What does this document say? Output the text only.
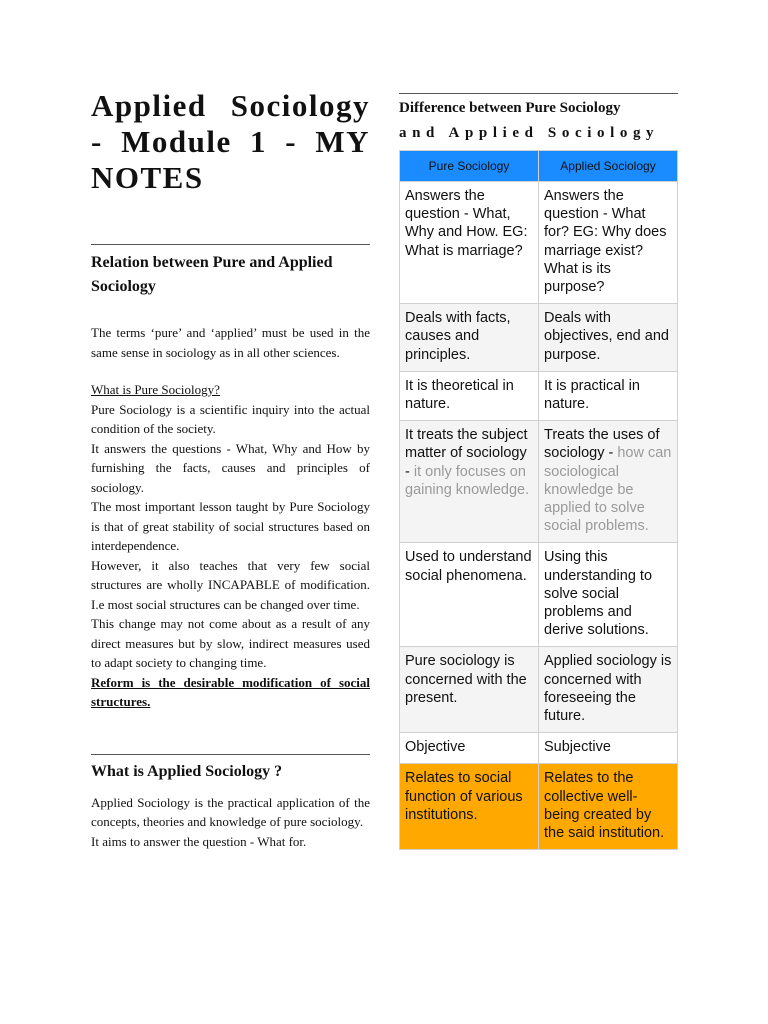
Applied Sociology - Module 1 - MY NOTES
Relation between Pure and Applied Sociology

The terms ‘pure’ and ‘applied’ must be used in the same sense in sociology as in all other sciences.

What is Pure Sociology?

Pure Sociology is a scientific inquiry into the actual condition of the society.

It answers the questions - What, Why and How by furnishing the facts, causes and principles of sociology.

The most important lesson taught by Pure Sociology is that of great stability of social structures based on interdependence.

However, it also teaches that very few social structures are wholly INCAPABLE of modification. I.e most social structures can be changed over time.

This change may not come about as a result of any direct measures but by slow, indirect measures used to adapt society to changing time.

Reform is the desirable modification of social structures.

What is Applied Sociology ?

Applied Sociology is the practical application of the concepts, theories and knowledge of pure sociology.

It aims to answer the question - What for.

Difference between Pure Sociology
and Applied Sociology
Pure Sociology	Applied Sociology
Answers the question - What, Why and How. EG: What is marriage?	Answers the question - What for? EG: Why does marriage exist? What is its purpose?
Deals with facts, causes and principles.	Deals with objectives, end and purpose.
It is theoretical in nature.	It is practical in nature.
It treats the subject matter of sociology - it only focuses on gaining knowledge.	Treats the uses of sociology - how can sociological knowledge be applied to solve social problems.
Used to understand social phenomena.	Using this understanding to solve social problems and derive solutions.
Pure sociology is concerned with the present.	Applied sociology is concerned with foreseeing the future.
Objective	Subjective
Relates to social function of various institutions.	Relates to the collective well-being created by the said institution.
